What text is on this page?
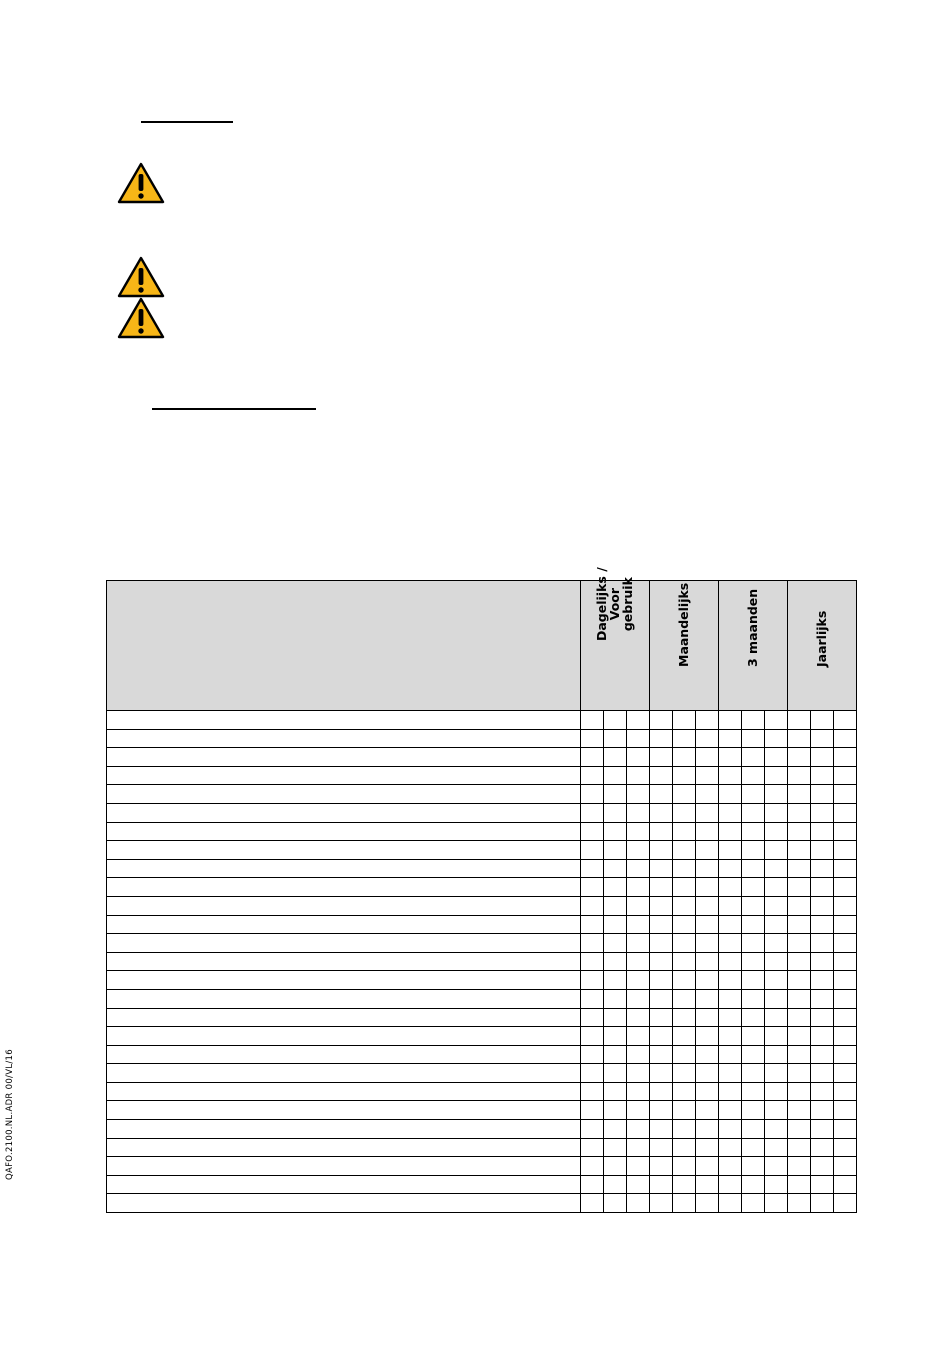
QAFO.2100.NL.ADR 00/VL/16

	Dagelijks /
Voor
gebruik			Maandelijks			3 maanden			Jaarlijks		
